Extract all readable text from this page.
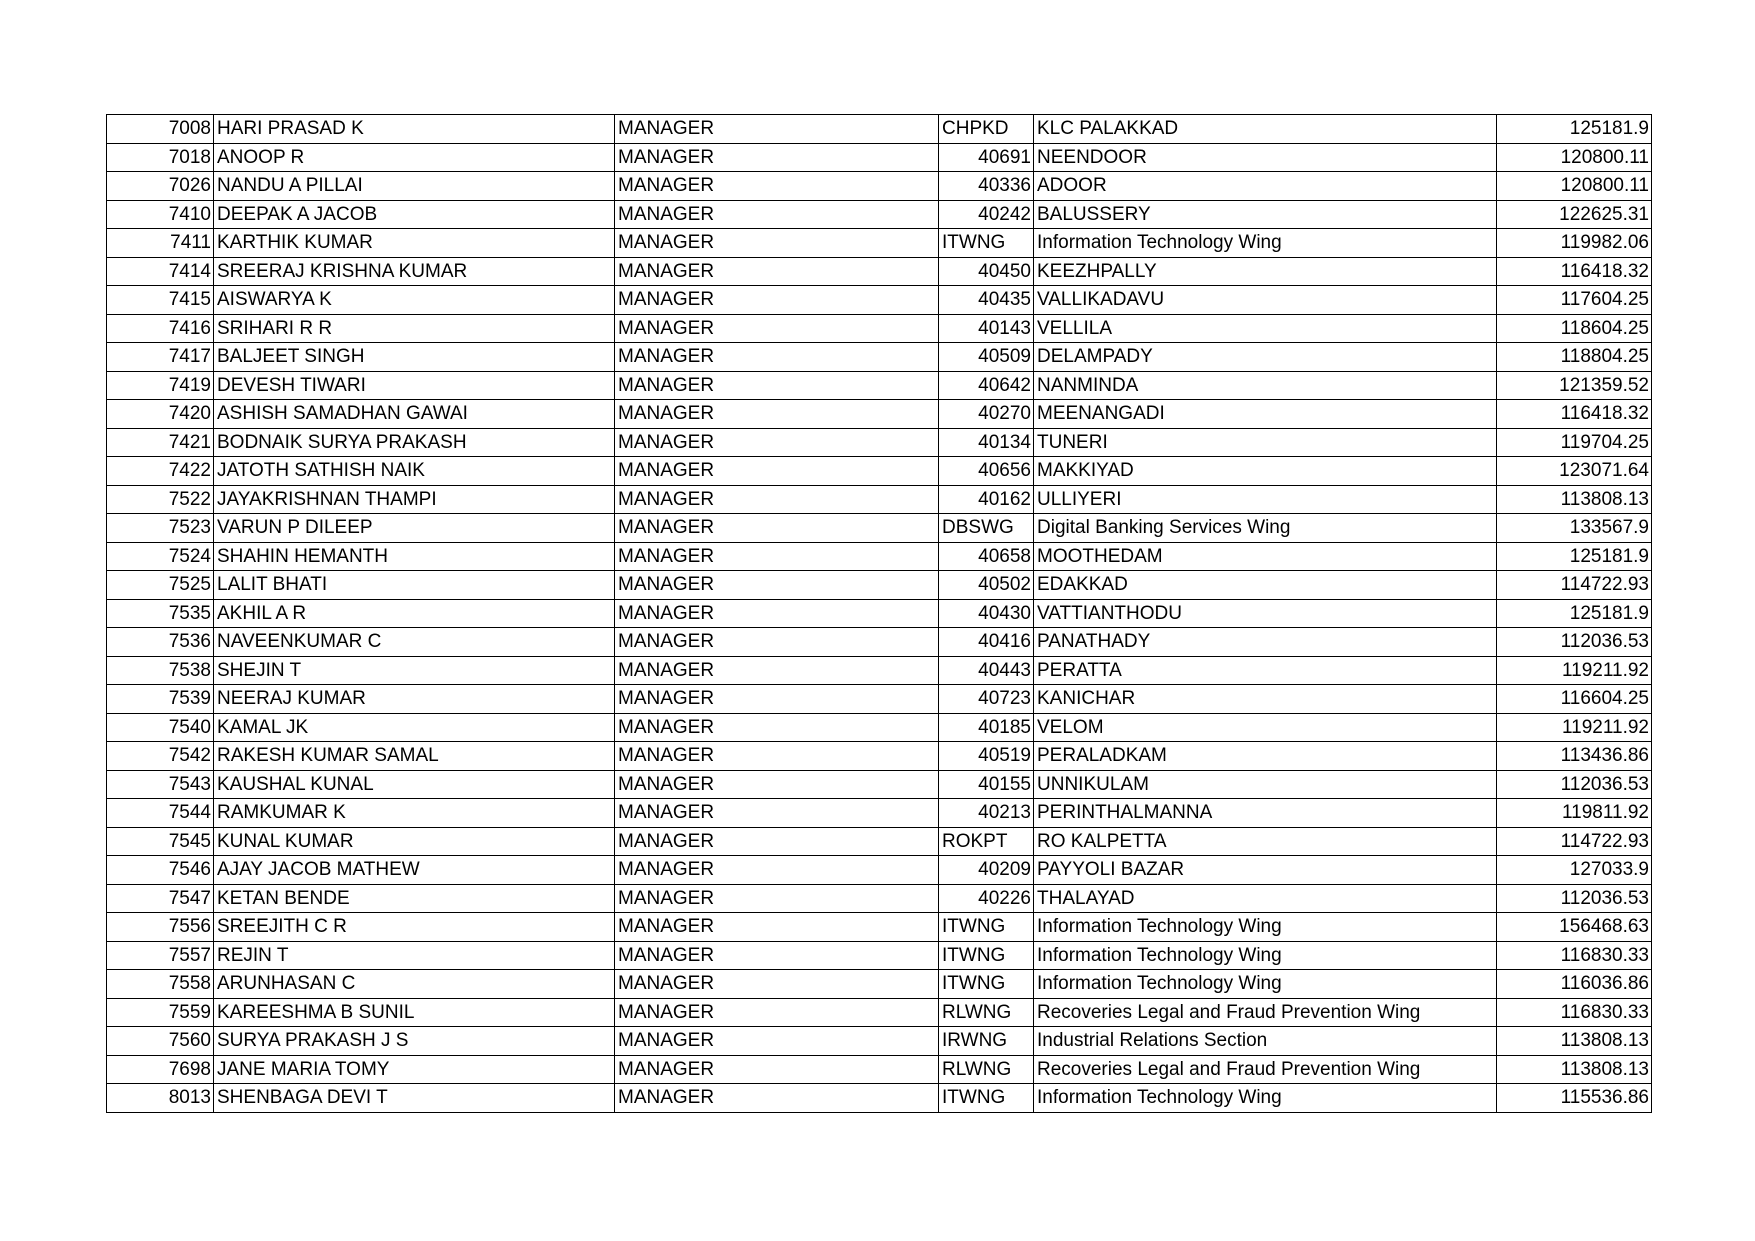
7008	HARI PRASAD K	MANAGER	CHPKD	KLC PALAKKAD	125181.9
7018	ANOOP R	MANAGER	40691	NEENDOOR	120800.11
7026	NANDU A PILLAI	MANAGER	40336	ADOOR	120800.11
7410	DEEPAK A JACOB	MANAGER	40242	BALUSSERY	122625.31
7411	KARTHIK KUMAR	MANAGER	ITWNG	Information Technology Wing	119982.06
7414	SREERAJ KRISHNA KUMAR	MANAGER	40450	KEEZHPALLY	116418.32
7415	AISWARYA K	MANAGER	40435	VALLIKADAVU	117604.25
7416	SRIHARI R R	MANAGER	40143	VELLILA	118604.25
7417	BALJEET SINGH	MANAGER	40509	DELAMPADY	118804.25
7419	DEVESH TIWARI	MANAGER	40642	NANMINDA	121359.52
7420	ASHISH SAMADHAN GAWAI	MANAGER	40270	MEENANGADI	116418.32
7421	BODNAIK SURYA PRAKASH	MANAGER	40134	TUNERI	119704.25
7422	JATOTH SATHISH NAIK	MANAGER	40656	MAKKIYAD	123071.64
7522	JAYAKRISHNAN THAMPI	MANAGER	40162	ULLIYERI	113808.13
7523	VARUN P DILEEP	MANAGER	DBSWG	Digital Banking Services Wing	133567.9
7524	SHAHIN HEMANTH	MANAGER	40658	MOOTHEDAM	125181.9
7525	LALIT BHATI	MANAGER	40502	EDAKKAD	114722.93
7535	AKHIL A R	MANAGER	40430	VATTIANTHODU	125181.9
7536	NAVEENKUMAR C	MANAGER	40416	PANATHADY	112036.53
7538	SHEJIN T	MANAGER	40443	PERATTA	119211.92
7539	NEERAJ KUMAR	MANAGER	40723	KANICHAR	116604.25
7540	KAMAL JK	MANAGER	40185	VELOM	119211.92
7542	RAKESH KUMAR SAMAL	MANAGER	40519	PERALADKAM	113436.86
7543	KAUSHAL KUNAL	MANAGER	40155	UNNIKULAM	112036.53
7544	RAMKUMAR K	MANAGER	40213	PERINTHALMANNA	119811.92
7545	KUNAL KUMAR	MANAGER	ROKPT	RO KALPETTA	114722.93
7546	AJAY JACOB MATHEW	MANAGER	40209	PAYYOLI BAZAR	127033.9
7547	KETAN BENDE	MANAGER	40226	THALAYAD	112036.53
7556	SREEJITH C R	MANAGER	ITWNG	Information Technology Wing	156468.63
7557	REJIN T	MANAGER	ITWNG	Information Technology Wing	116830.33
7558	ARUNHASAN C	MANAGER	ITWNG	Information Technology Wing	116036.86
7559	KAREESHMA B SUNIL	MANAGER	RLWNG	Recoveries Legal and Fraud Prevention Wing	116830.33
7560	SURYA PRAKASH J S	MANAGER	IRWNG	Industrial Relations Section	113808.13
7698	JANE MARIA TOMY	MANAGER	RLWNG	Recoveries Legal and Fraud Prevention Wing	113808.13
8013	SHENBAGA DEVI T	MANAGER	ITWNG	Information Technology Wing	115536.86
